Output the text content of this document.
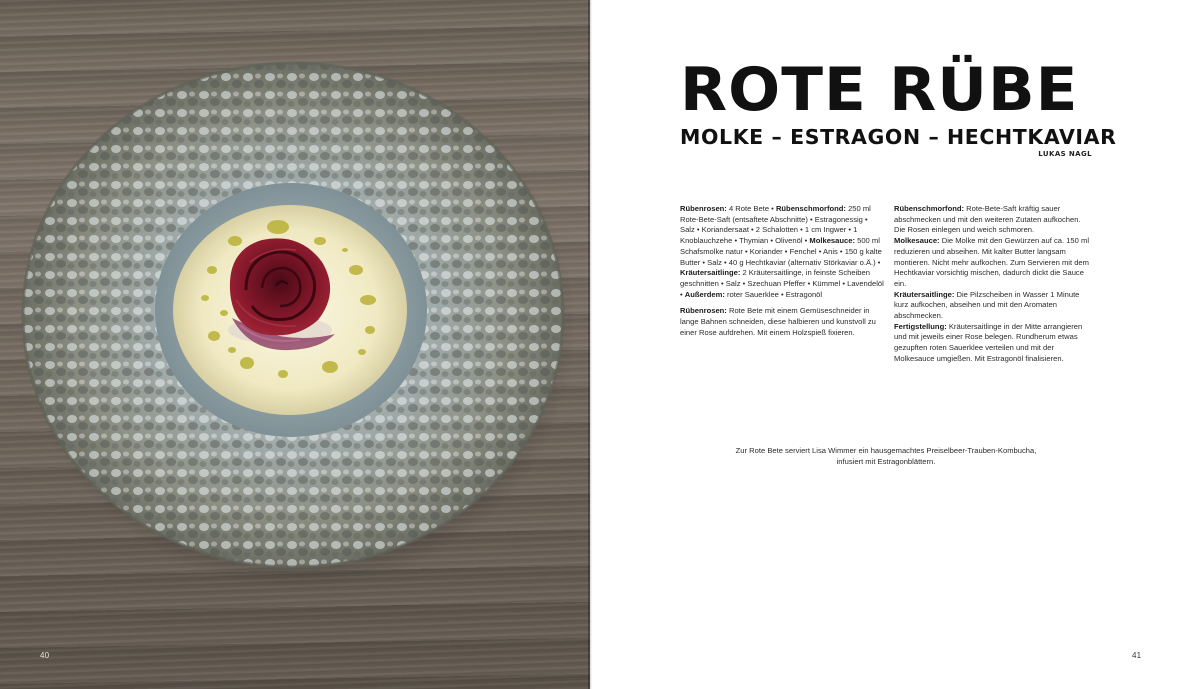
40
ROTE RÜBE
MOLKE – ESTRAGON – HECHTKAVIAR
LUKAS NAGL

Rübenrosen: 4 Rote Bete • Rübenschmorfond: 250 ml Rote-Bete-Saft (entsaftete Abschnitte) • Estragonessig • Salz • Koriandersaat • 2 Schalotten • 1 cm Ingwer • 1 Knoblauchzehe • Thymian • Olivenöl • Molkesauce: 500 ml Schafsmolke natur • Koriander • Fenchel • Anis • 150 g kalte Butter • Salz • 40 g Hechtkaviar (alternativ Störkaviar o.Ä.) • Kräutersaitlinge: 2 Kräutersaitlinge, in feinste Scheiben geschnitten • Salz • Szechuan Pfeffer • Kümmel • Lavendelöl • Außerdem: roter Sauerklee • Estragonöl

Rübenrosen: Rote Bete mit einem Gemüseschneider in lange Bahnen schneiden, diese halbieren und kunstvoll zu einer Rose aufdrehen. Mit einem Holzspieß fixieren.

Rübenschmorfond: Rote-Bete-Saft kräftig sauer abschmecken und mit den weiteren Zutaten aufkochen. Die Rosen einlegen und weich schmoren.

Molkesauce: Die Molke mit den Gewürzen auf ca. 150 ml reduzieren und abseihen. Mit kalter Butter langsam montieren. Nicht mehr aufkochen. Zum Servieren mit dem Hechtkaviar vorsichtig mischen, dadurch dickt die Sauce ein.

Kräutersaitlinge: Die Pilzscheiben in Wasser 1 Minute kurz aufkochen, abseihen und mit den Aromaten abschmecken.

Fertigstellung: Kräutersaitlinge in der Mitte arrangieren und mit jeweils einer Rose belegen. Rundherum etwas gezupften roten Sauerklee verteilen und mit der Molkesauce umgießen. Mit Estragonöl finalisieren.

Zur Rote Bete serviert Lisa Wimmer ein hausgemachtes Preiselbeer-Trauben-Kombucha,
infusiert mit Estragonblättern.
41
